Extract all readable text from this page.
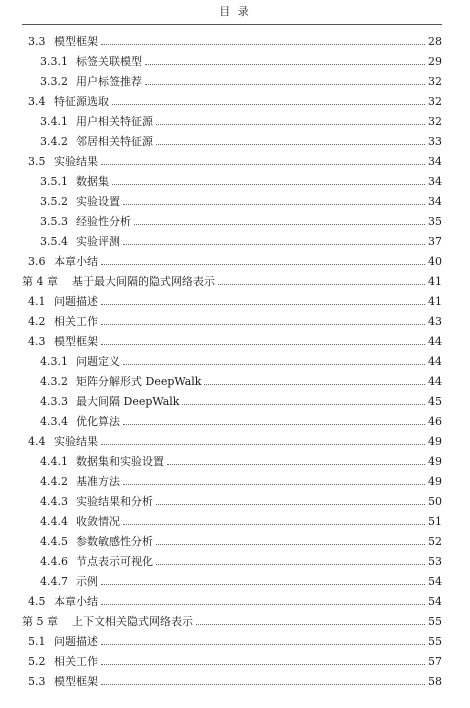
目 录
3.3 模型框架	28
3.3.1 标签关联模型	29
3.3.2 用户标签推荐	32
3.4 特征源选取	32
3.4.1 用户相关特征源	32
3.4.2 邻居相关特征源	33
3.5 实验结果	34
3.5.1 数据集	34
3.5.2 实验设置	34
3.5.3 经验性分析	35
3.5.4 实验评测	37
3.6 本章小结	40
第 4 章	基于最大间隔的隐式网络表示	41
4.1 问题描述	41
4.2 相关工作	43
4.3 模型框架	44
4.3.1 问题定义	44
4.3.2 矩阵分解形式 DeepWalk	44
4.3.3 最大间隔 DeepWalk	45
4.3.4 优化算法	46
4.4 实验结果	49
4.4.1 数据集和实验设置	49
4.4.2 基准方法	49
4.4.3 实验结果和分析	50
4.4.4 收敛情况	51
4.4.5 参数敏感性分析	52
4.4.6 节点表示可视化	53
4.4.7 示例	54
4.5 本章小结	54
第 5 章	上下文相关隐式网络表示	55
5.1 问题描述	55
5.2 相关工作	57
5.3 模型框架	58
